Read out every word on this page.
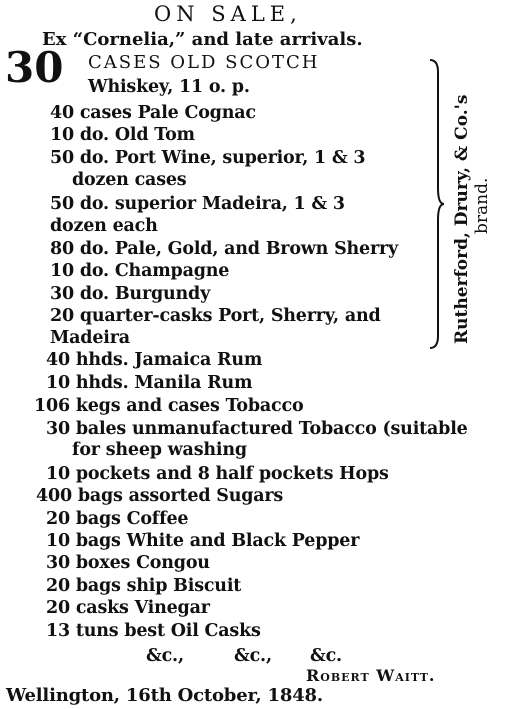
ON SALE,
Ex “Cornelia,” and late arrivals.
30 CASES OLD SCOTCH
Whiskey, 11 o. p.
40 cases Pale Cognac
10 do. Old Tom
50 do. Port Wine, superior, 1 & 3
dozen cases
50 do. superior Madeira, 1 & 3
dozen each
80 do. Pale, Gold, and Brown Sherry
10 do. Champagne
30 do. Burgundy
20 quarter-casks Port, Sherry, and
Madeira
40 hhds. Jamaica Rum
10 hhds. Manila Rum
106 kegs and cases Tobacco
30 bales unmanufactured Tobacco (suitable
for sheep washing
10 pockets and 8 half pockets Hops
400 bags assorted Sugars
20 bags Coffee
10 bags White and Black Pepper
30 boxes Congou
20 bags ship Biscuit
20 casks Vinegar
13 tuns best Oil Casks
&c.,	&c., &c.
Robert Waitt.
Wellington, 16th October, 1848.
Rutherford, Drury, & Co.'s brand.
